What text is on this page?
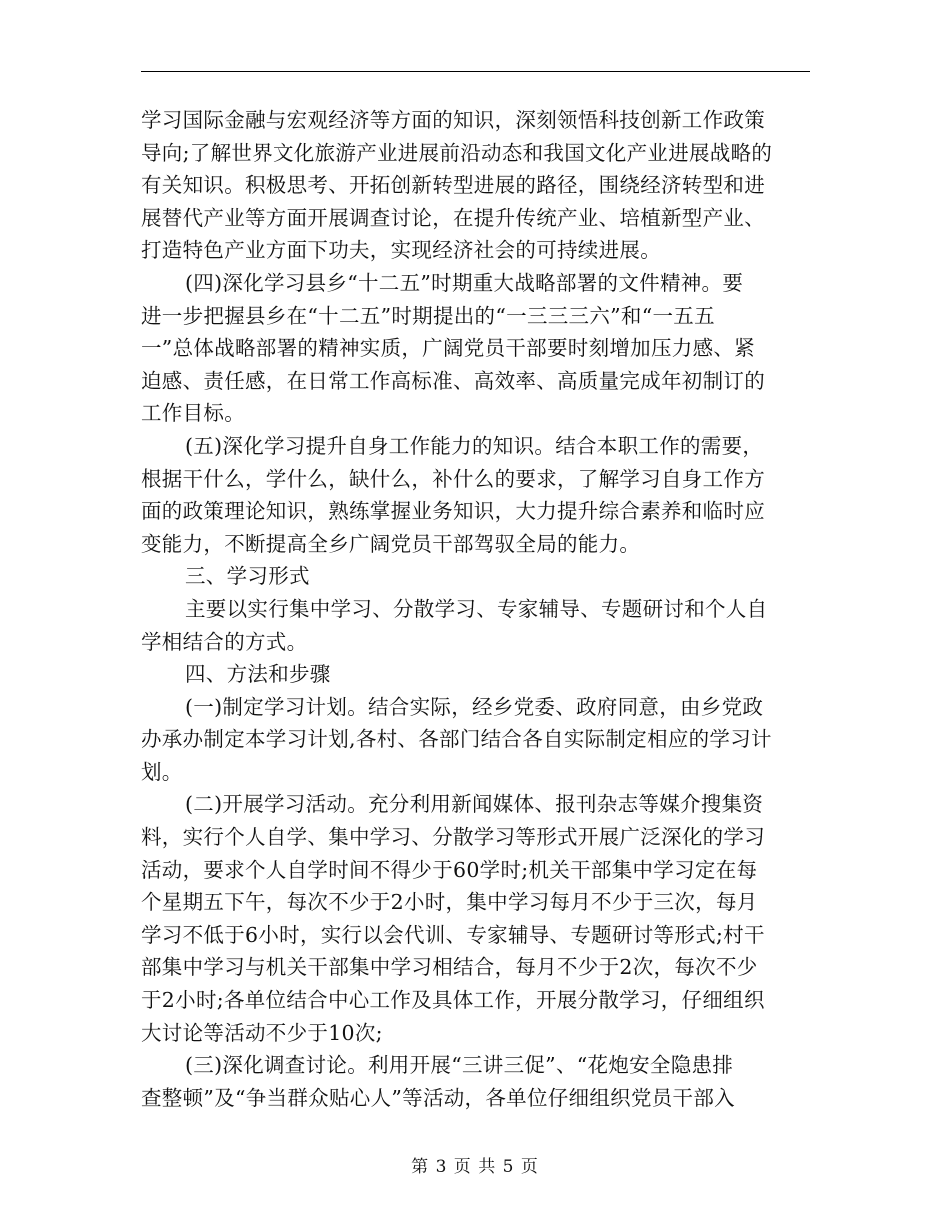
学习国际金融与宏观经济等方面的知识，深刻领悟科技创新工作政策
导向;了解世界文化旅游产业进展前沿动态和我国文化产业进展战略的
有关知识。积极思考、开拓创新转型进展的路径，围绕经济转型和进
展替代产业等方面开展调查讨论，在提升传统产业、培植新型产业、
打造特色产业方面下功夫，实现经济社会的可持续进展。
(四)深化学习县乡“十二五”时期重大战略部署的文件精神。要
进一步把握县乡在“十二五”时期提出的“一三三三六”和“一五五
一”总体战略部署的精神实质，广阔党员干部要时刻增加压力感、紧
迫感、责任感，在日常工作高标准、高效率、高质量完成年初制订的
工作目标。
(五)深化学习提升自身工作能力的知识。结合本职工作的需要，
根据干什么，学什么，缺什么，补什么的要求，了解学习自身工作方
面的政策理论知识，熟练掌握业务知识，大力提升综合素养和临时应
变能力，不断提高全乡广阔党员干部驾驭全局的能力。
三、学习形式
主要以实行集中学习、分散学习、专家辅导、专题研讨和个人自
学相结合的方式。
四、方法和步骤
(一)制定学习计划。结合实际，经乡党委、政府同意，由乡党政
办承办制定本学习计划,各村、各部门结合各自实际制定相应的学习计
划。
(二)开展学习活动。充分利用新闻媒体、报刊杂志等媒介搜集资
料，实行个人自学、集中学习、分散学习等形式开展广泛深化的学习
活动，要求个人自学时间不得少于60学时;机关干部集中学习定在每
个星期五下午，每次不少于2小时，集中学习每月不少于三次，每月
学习不低于6小时，实行以会代训、专家辅导、专题研讨等形式;村干
部集中学习与机关干部集中学习相结合，每月不少于2次，每次不少
于2小时;各单位结合中心工作及具体工作，开展分散学习，仔细组织
大讨论等活动不少于10次;
(三)深化调查讨论。利用开展“三讲三促”、“花炮安全隐患排
查整顿”及“争当群众贴心人”等活动，各单位仔细组织党员干部入
第 3 页 共 5 页
